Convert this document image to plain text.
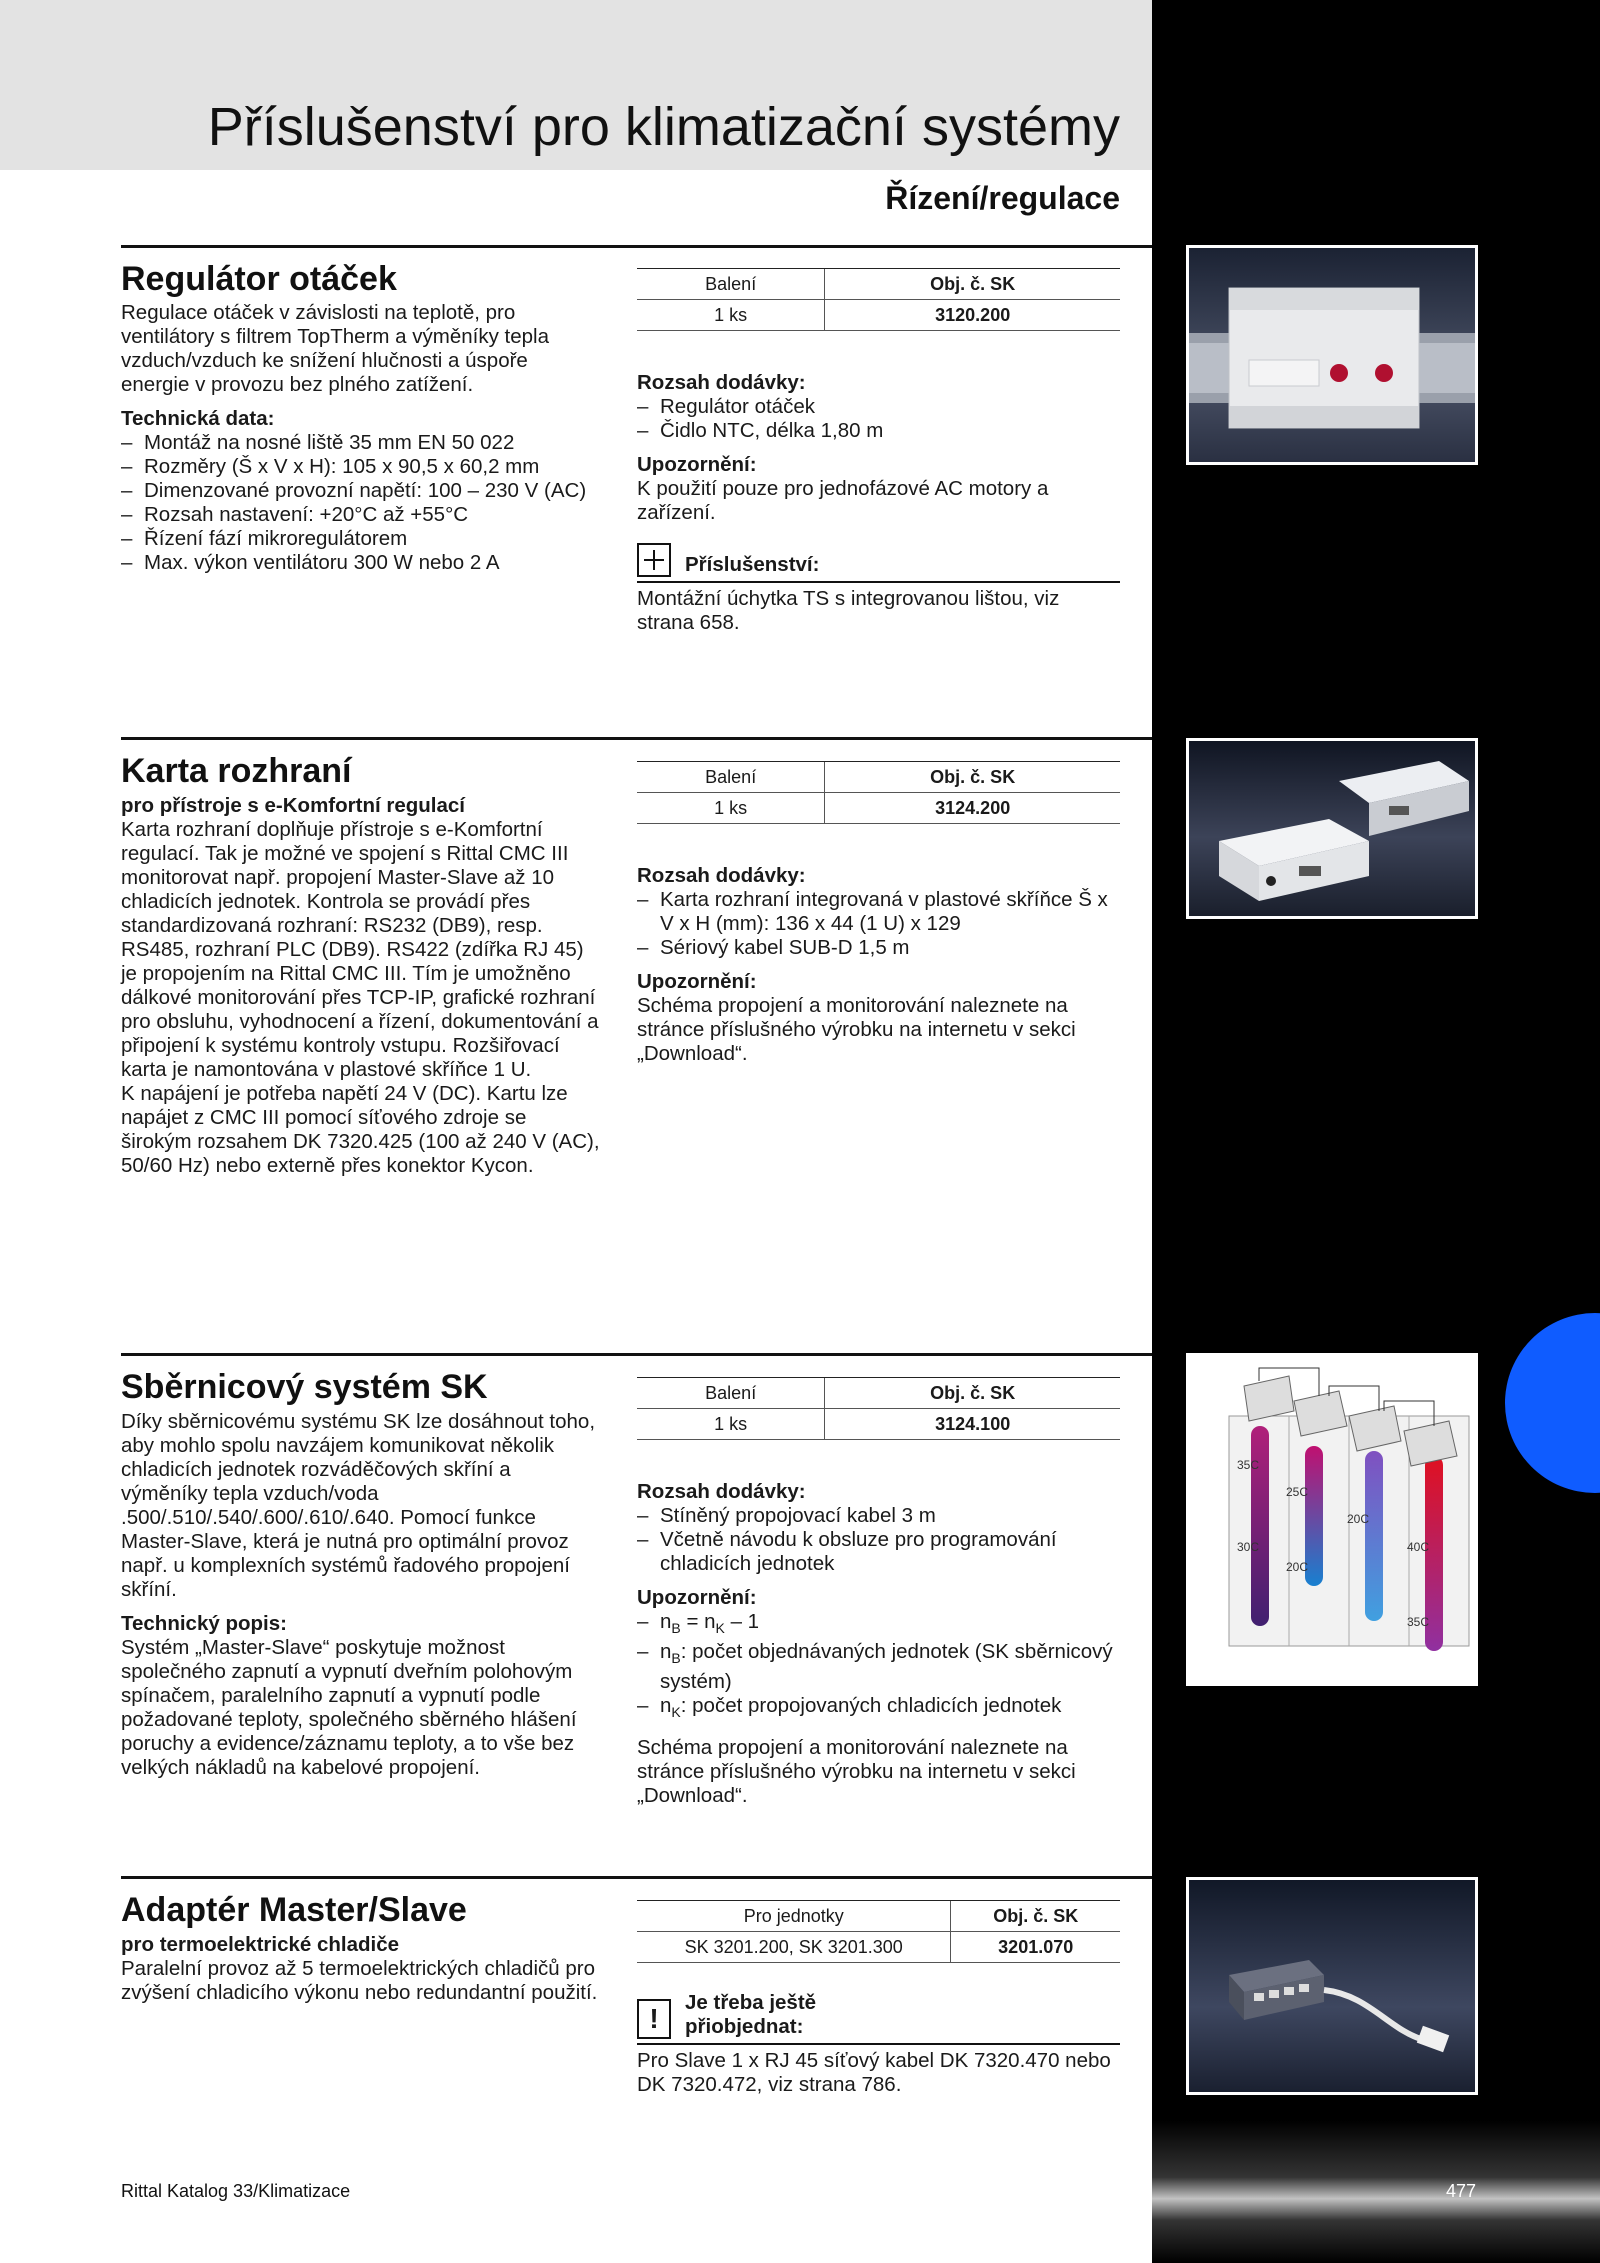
Příslušenství pro klimatizační systémy
Řízení/regulace
Regulátor otáček
Regulace otáček v závislosti na teplotě, pro ventilátory s filtrem TopTherm a výměníky tepla vzduch/vzduch ke snížení hlučnosti a úspoře energie v provozu bez plného zatížení.
Technická data:
– Montáž na nosné liště 35 mm EN 50 022
– Rozměry (Š x V x H): 105 x 90,5 x 60,2 mm
– Dimenzované provozní napětí: 100 – 230 V (AC)
– Rozsah nastavení: +20°C až +55°C
– Řízení fází mikroregulátorem
– Max. výkon ventilátoru 300 W nebo 2 A
Balení	Obj. č. SK
1 ks	3120.200
Rozsah dodávky:
– Regulátor otáček
– Čidlo NTC, délka 1,80 m
Upozornění:
K použití pouze pro jednofázové AC motory a zařízení.
Příslušenství:
Montážní úchytka TS s integrovanou lištou, viz strana 658.
Karta rozhraní
pro přístroje s e-Komfortní regulací
Karta rozhraní doplňuje přístroje s e-Komfortní regulací. Tak je možné ve spojení s Rittal CMC III monitorovat např. propojení Master-Slave až 10 chladicích jednotek. Kontrola se provádí přes standardizovaná rozhraní: RS232 (DB9), resp. RS485, rozhraní PLC (DB9). RS422 (zdířka RJ 45) je propojením na Rittal CMC III. Tím je umožněno dálkové monitorování přes TCP-IP, grafické rozhraní pro obsluhu, vyhodnocení a řízení, dokumentování a připojení k systému kontroly vstupu. Rozšiřovací karta je namontována v plastové skříňce 1 U.
K napájení je potřeba napětí 24 V (DC). Kartu lze napájet z CMC III pomocí síťového zdroje se širokým rozsahem DK 7320.425 (100 až 240 V (AC), 50/60 Hz) nebo externě přes konektor Kycon.
Balení	Obj. č. SK
1 ks	3124.200
Rozsah dodávky:
– Karta rozhraní integrovaná v plastové skříňce Š x V x H (mm): 136 x 44 (1 U) x 129
– Sériový kabel SUB-D 1,5 m
Upozornění:
Schéma propojení a monitorování naleznete na stránce příslušného výrobku na internetu v sekci „Download“.
Sběrnicový systém SK
Díky sběrnicovému systému SK lze dosáhnout toho, aby mohlo spolu navzájem komunikovat několik chladicích jednotek rozváděčových skříní a výměníky tepla vzduch/voda .500/.510/.540/.600/.610/.640. Pomocí funkce Master-Slave, která je nutná pro optimální provoz např. u komplexních systémů řadového propojení skříní.
Technický popis:
Systém „Master-Slave“ poskytuje možnost společného zapnutí a vypnutí dveřním polohovým spínačem, paralelního zapnutí a vypnutí podle požadované teploty, společného sběrného hlášení poruchy a evidence/záznamu teploty, a to vše bez velkých nákladů na kabelové propojení.
Balení	Obj. č. SK
1 ks	3124.100
Rozsah dodávky:
– Stíněný propojovací kabel 3 m
– Včetně návodu k obsluze pro programování chladicích jednotek
Upozornění:
– $n_B = n_K - 1$
– $n_B$: počet objednávaných jednotek (SK sběrnicový systém)
– $n_K$: počet propojovaných chladicích jednotek
Schéma propojení a monitorování naleznete na stránce příslušného výrobku na internetu v sekci „Download“.
35C
25C
20C
30C
20C
40C
35C
Adaptér Master/Slave
pro termoelektrické chladiče
Paralelní provoz až 5 termoelektrických chladičů pro zvýšení chladicího výkonu nebo redundantní použití.
Pro jednotky	Obj. č. SK
SK 3201.200, SK 3201.300	3201.070
!
Je třeba ještě
přiobjednat:
Pro Slave 1 x RJ 45 síťový kabel DK 7320.470 nebo DK 7320.472, viz strana 786.
Rittal Katalog 33/Klimatizace	477
